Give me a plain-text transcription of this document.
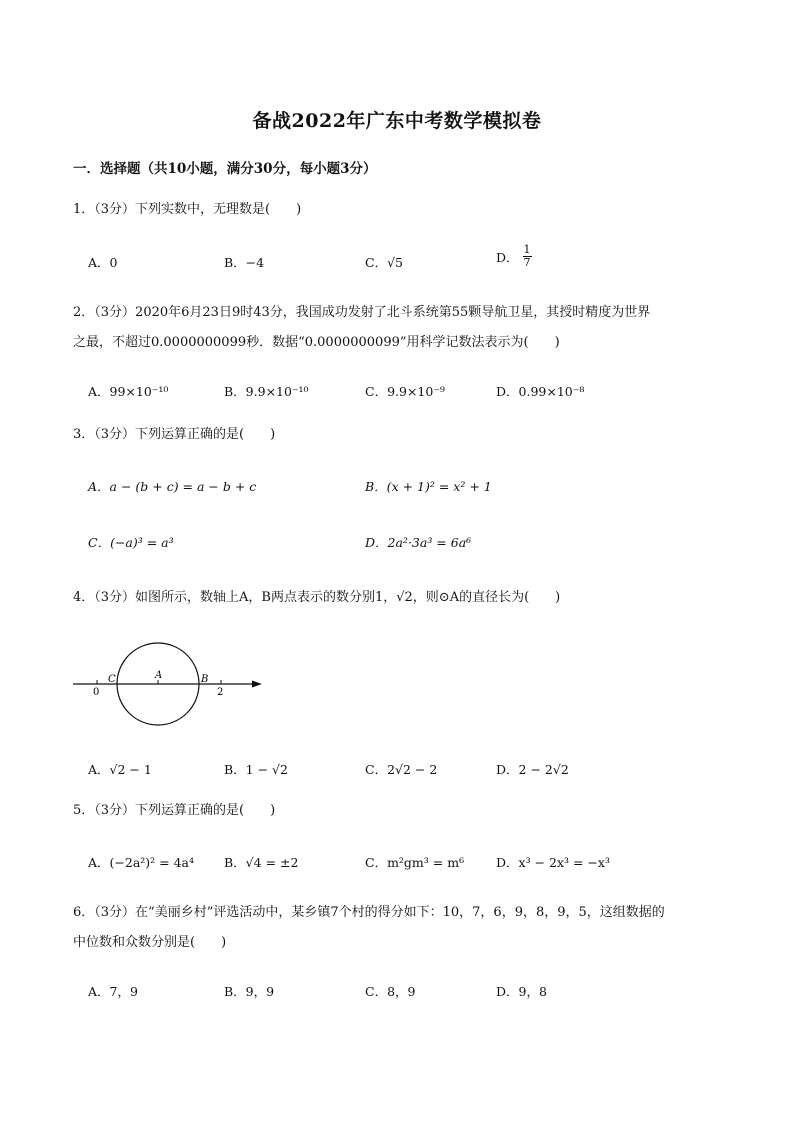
备战2022年广东中考数学模拟卷
一．选择题（共10小题，满分30分，每小题3分）
1．（3分）下列实数中，无理数是(　　)
A．0	B．−4	C．√5	D． $\frac{1}{7}$
2．（3分）2020年6月23日9时43分，我国成功发射了北斗系统第55颗导航卫星，其授时精度为世界
之最，不超过0.0000000099秒．数据“0.0000000099”用科学记数法表示为(　　)
A．99×10⁻¹⁰	B．9.9×10⁻¹⁰	C．9.9×10⁻⁹	D．0.99×10⁻⁸
3．（3分）下列运算正确的是(　　)
A．a − (b + c) = a − b + c	B．(x + 1)² = x² + 1
C．(−a)³ = a³	D．2a²·3a³ = 6a⁶
4．（3分）如图所示，数轴上A，B两点表示的数分别1，√2，则⊙A的直径长为(　　)
C	A	B
0	2
A．√2 − 1	B．1 − √2	C．2√2 − 2	D．2 − 2√2
5．（3分）下列运算正确的是(　　)
A．(−2a²)² = 4a⁴ B．√4 = ±2	C．m²gm³ = m⁶	D．x³ − 2x³ = −x³
6．（3分）在“美丽乡村”评选活动中，某乡镇7个村的得分如下：10，7，6，9，8，9，5，这组数据的
中位数和众数分别是(　　)
A．7，9	B．9，9	C．8，9	D．9，8
